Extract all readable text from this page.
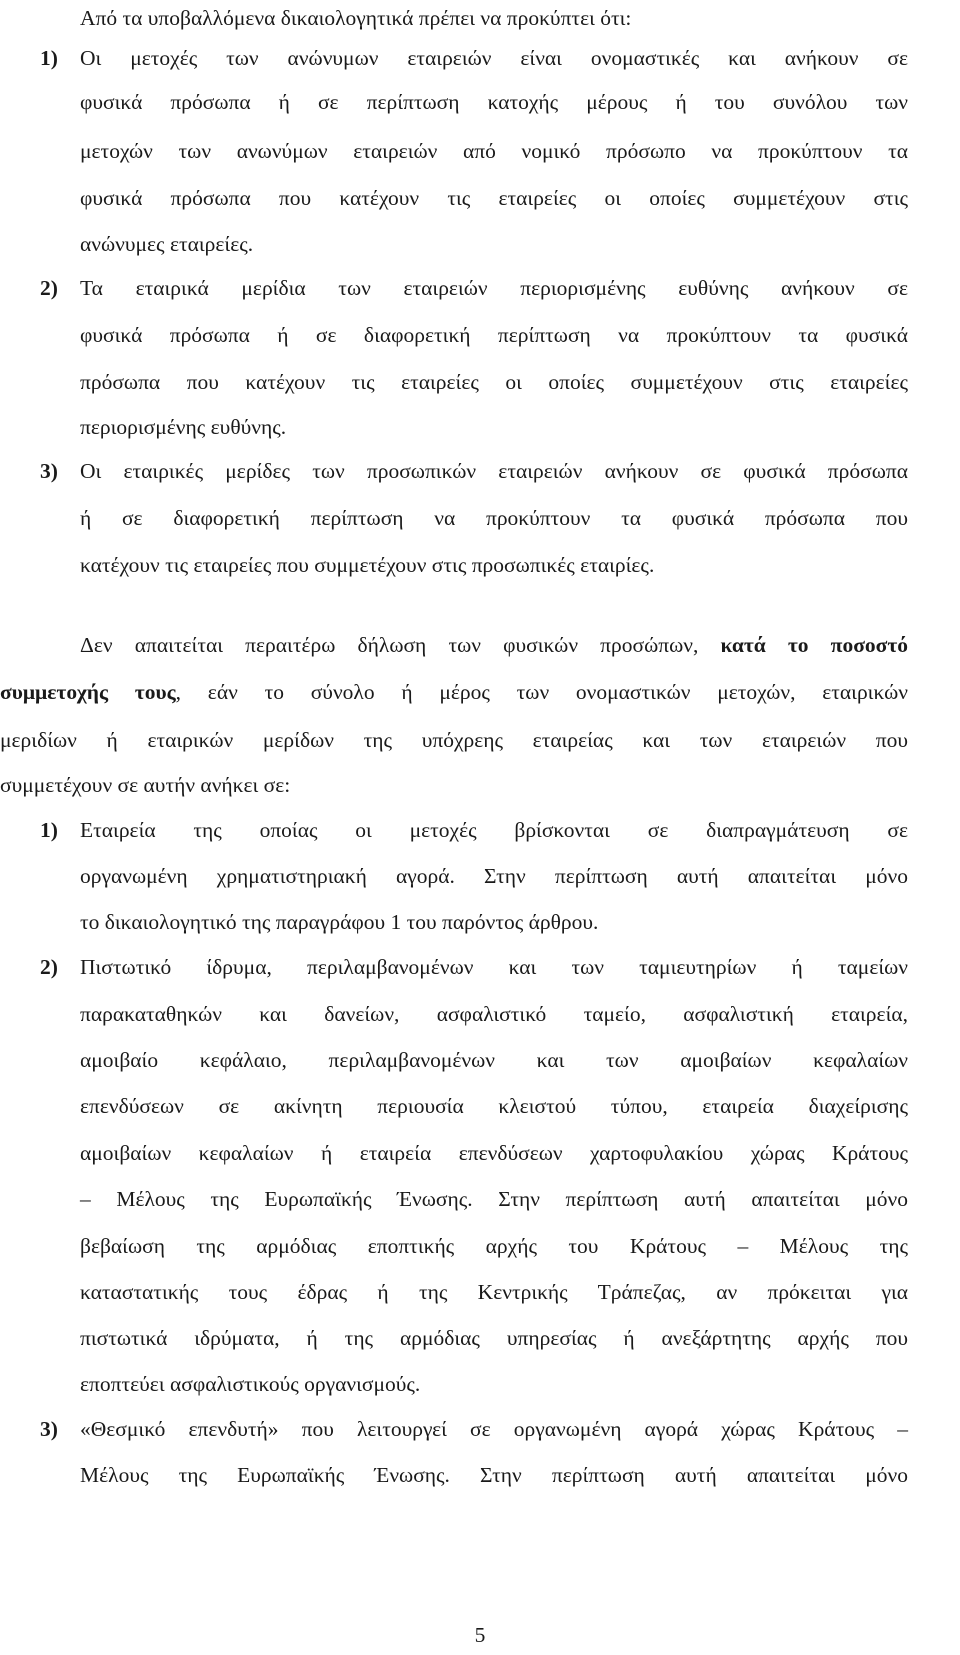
Από τα υποβαλλόμενα δικαιολογητικά πρέπει να προκύπτει ότι:
1) Οι μετοχές των ανώνυμων εταιρειών είναι ονομαστικές και ανήκουν σε
φυσικά πρόσωπα ή σε περίπτωση κατοχής μέρους ή του συνόλου των
μετοχών των ανωνύμων εταιρειών από νομικό πρόσωπο να προκύπτουν τα
φυσικά πρόσωπα που κατέχουν τις εταιρείες οι οποίες συμμετέχουν στις
ανώνυμες εταιρείες.
2) Τα εταιρικά μερίδια των εταιρειών περιορισμένης ευθύνης ανήκουν σε
φυσικά πρόσωπα ή σε διαφορετική περίπτωση να προκύπτουν τα φυσικά
πρόσωπα που κατέχουν τις εταιρείες οι οποίες συμμετέχουν στις εταιρείες
περιορισμένης ευθύνης.
3) Οι εταιρικές μερίδες των προσωπικών εταιρειών ανήκουν σε φυσικά πρόσωπα
ή σε διαφορετική περίπτωση να προκύπτουν τα φυσικά πρόσωπα που
κατέχουν τις εταιρείες που συμμετέχουν στις προσωπικές εταιρίες.
Δεν απαιτείται περαιτέρω δήλωση των φυσικών προσώπων, κατά το ποσοστό
συμμετοχής τους, εάν το σύνολο ή μέρος των ονομαστικών μετοχών, εταιρικών
μεριδίων ή εταιρικών μερίδων της υπόχρεης εταιρείας και των εταιρειών που
συμμετέχουν σε αυτήν ανήκει σε:
1) Εταιρεία της οποίας οι μετοχές βρίσκονται σε διαπραγμάτευση σε
οργανωμένη χρηματιστηριακή αγορά. Στην περίπτωση αυτή απαιτείται μόνο
το δικαιολογητικό της παραγράφου 1 του παρόντος άρθρου.
2) Πιστωτικό ίδρυμα, περιλαμβανομένων και των ταμιευτηρίων ή ταμείων
παρακαταθηκών και δανείων, ασφαλιστικό ταμείο, ασφαλιστική εταιρεία,
αμοιβαίο κεφάλαιο, περιλαμβανομένων και των αμοιβαίων κεφαλαίων
επενδύσεων σε ακίνητη περιουσία κλειστού τύπου, εταιρεία διαχείρισης
αμοιβαίων κεφαλαίων ή εταιρεία επενδύσεων χαρτοφυλακίου χώρας Κράτους
– Μέλους της Ευρωπαϊκής Ένωσης. Στην περίπτωση αυτή απαιτείται μόνο
βεβαίωση της αρμόδιας εποπτικής αρχής του Κράτους – Μέλους της
καταστατικής τους έδρας ή της Κεντρικής Τράπεζας, αν πρόκειται για
πιστωτικά ιδρύματα, ή της αρμόδιας υπηρεσίας ή ανεξάρτητης αρχής που
εποπτεύει ασφαλιστικούς οργανισμούς.
3) «Θεσμικό επενδυτή» που λειτουργεί σε οργανωμένη αγορά χώρας Κράτους –
Μέλους της Ευρωπαϊκής Ένωσης. Στην περίπτωση αυτή απαιτείται μόνο
5
